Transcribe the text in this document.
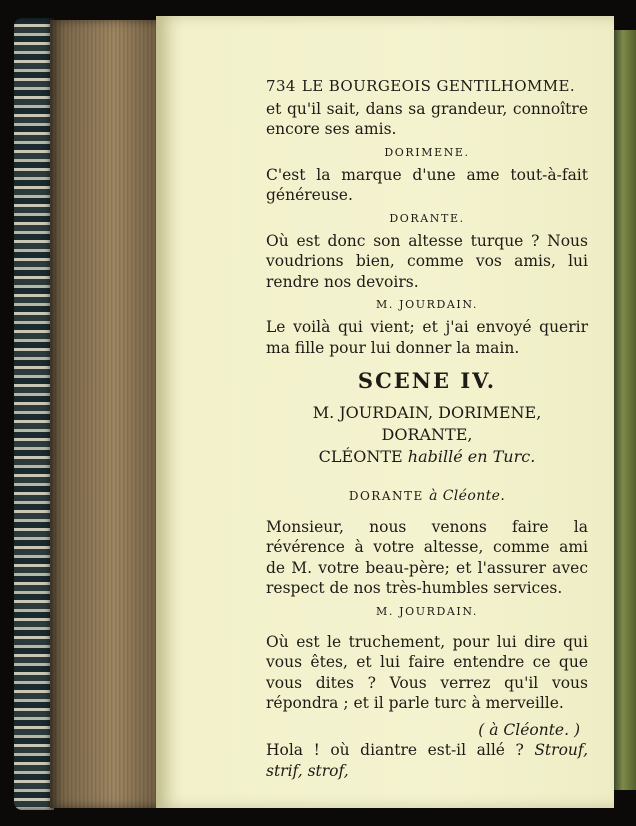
734 LE BOURGEOIS GENTILHOMME.

et qu'il sait, dans sa grandeur, connoître encore ses amis.

DORIMENE.

C'est la marque d'une ame tout-à-fait généreuse.

DORANTE.

Où est donc son altesse turque ? Nous voudrions bien, comme vos amis, lui rendre nos devoirs.

M. JOURDAIN.

Le voilà qui vient; et j'ai envoyé querir ma fille pour lui donner la main.

SCENE IV.
M. JOURDAIN, DORIMENE, DORANTE,
CLÉONTE habillé en Turc.
DORANTE à Cléonte.

Monsieur, nous venons faire la révérence à votre altesse, comme ami de M. votre beau-père; et l'assurer avec respect de nos très-humbles services.

M. JOURDAIN.

Où est le truchement, pour lui dire qui vous êtes, et lui faire entendre ce que vous dites ? Vous verrez qu'il vous répondra ; et il parle turc à merveille.

( à Cléonte. )

Hola ! où diantre est-il allé ? Strouf, strif, strof,
